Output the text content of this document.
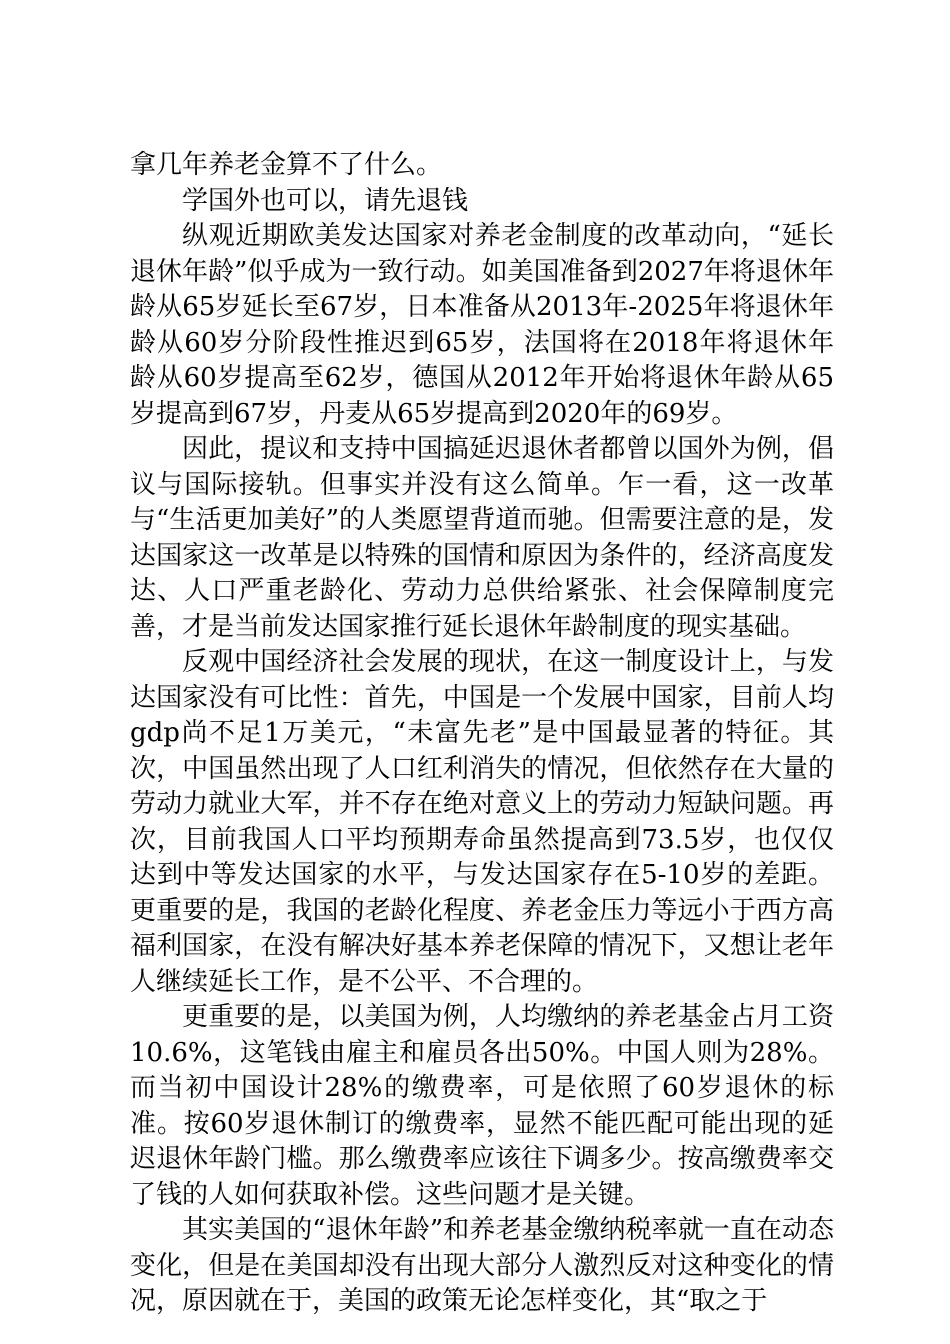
拿几年养老金算不了什么。

学国外也可以，请先退钱

纵观近期欧美发达国家对养老金制度的改革动向，“延长退休年龄”似乎成为一致行动。如美国准备到2027年将退休年龄从65岁延长至67岁，日本准备从2013年-2025年将退休年龄从60岁分阶段性推迟到65岁，法国将在2018年将退休年龄从60岁提高至62岁，德国从2012年开始将退休年龄从65岁提高到67岁，丹麦从65岁提高到2020年的69岁。

因此，提议和支持中国搞延迟退休者都曾以国外为例，倡议与国际接轨。但事实并没有这么简单。乍一看，这一改革与“生活更加美好”的人类愿望背道而驰。但需要注意的是，发达国家这一改革是以特殊的国情和原因为条件的，经济高度发达、人口严重老龄化、劳动力总供给紧张、社会保障制度完善，才是当前发达国家推行延长退休年龄制度的现实基础。

反观中国经济社会发展的现状，在这一制度设计上，与发达国家没有可比性：首先，中国是一个发展中国家，目前人均gdp尚不足1万美元，“未富先老”是中国最显著的特征。其次，中国虽然出现了人口红利消失的情况，但依然存在大量的劳动力就业大军，并不存在绝对意义上的劳动力短缺问题。再次，目前我国人口平均预期寿命虽然提高到73.5岁，也仅仅达到中等发达国家的水平，与发达国家存在5-10岁的差距。更重要的是，我国的老龄化程度、养老金压力等远小于西方高福利国家，在没有解决好基本养老保障的情况下，又想让老年人继续延长工作，是不公平、不合理的。

更重要的是，以美国为例，人均缴纳的养老基金占月工资10.6%，这笔钱由雇主和雇员各出50%。中国人则为28%。而当初中国设计28%的缴费率，可是依照了60岁退休的标准。按60岁退休制订的缴费率，显然不能匹配可能出现的延迟退休年龄门槛。那么缴费率应该往下调多少。按高缴费率交了钱的人如何获取补偿。这些问题才是关键。

其实美国的“退休年龄”和养老基金缴纳税率就一直在动态变化，但是在美国却没有出现大部分人激烈反对这种变化的情况，原因就在于，美国的政策无论怎样变化，其“取之于
